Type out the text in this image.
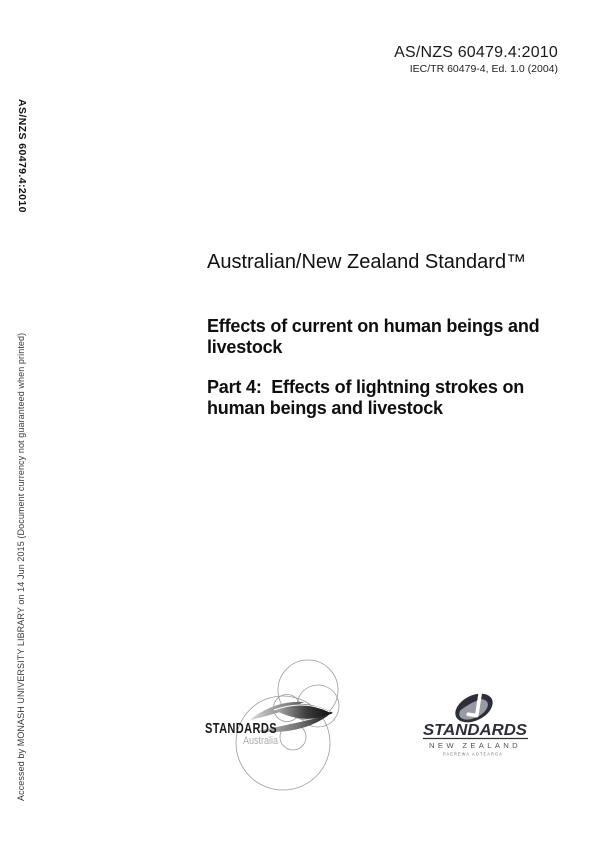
AS/NZS 60479.4:2010
IEC/TR 60479-4, Ed. 1.0 (2004)
AS/NZS 60479.4:2010
Accessed by MONASH UNIVERSITY LIBRARY on 14 Jun 2015 (Document currency not guaranteed when printed)
Australian/New Zealand Standard™
Effects of current on human beings and
livestock
Part 4:  Effects of lightning strokes on
human beings and livestock
STANDARDS
Australia
STANDARDS
NEW ZEALAND
PAEREWA AOTEAROA
